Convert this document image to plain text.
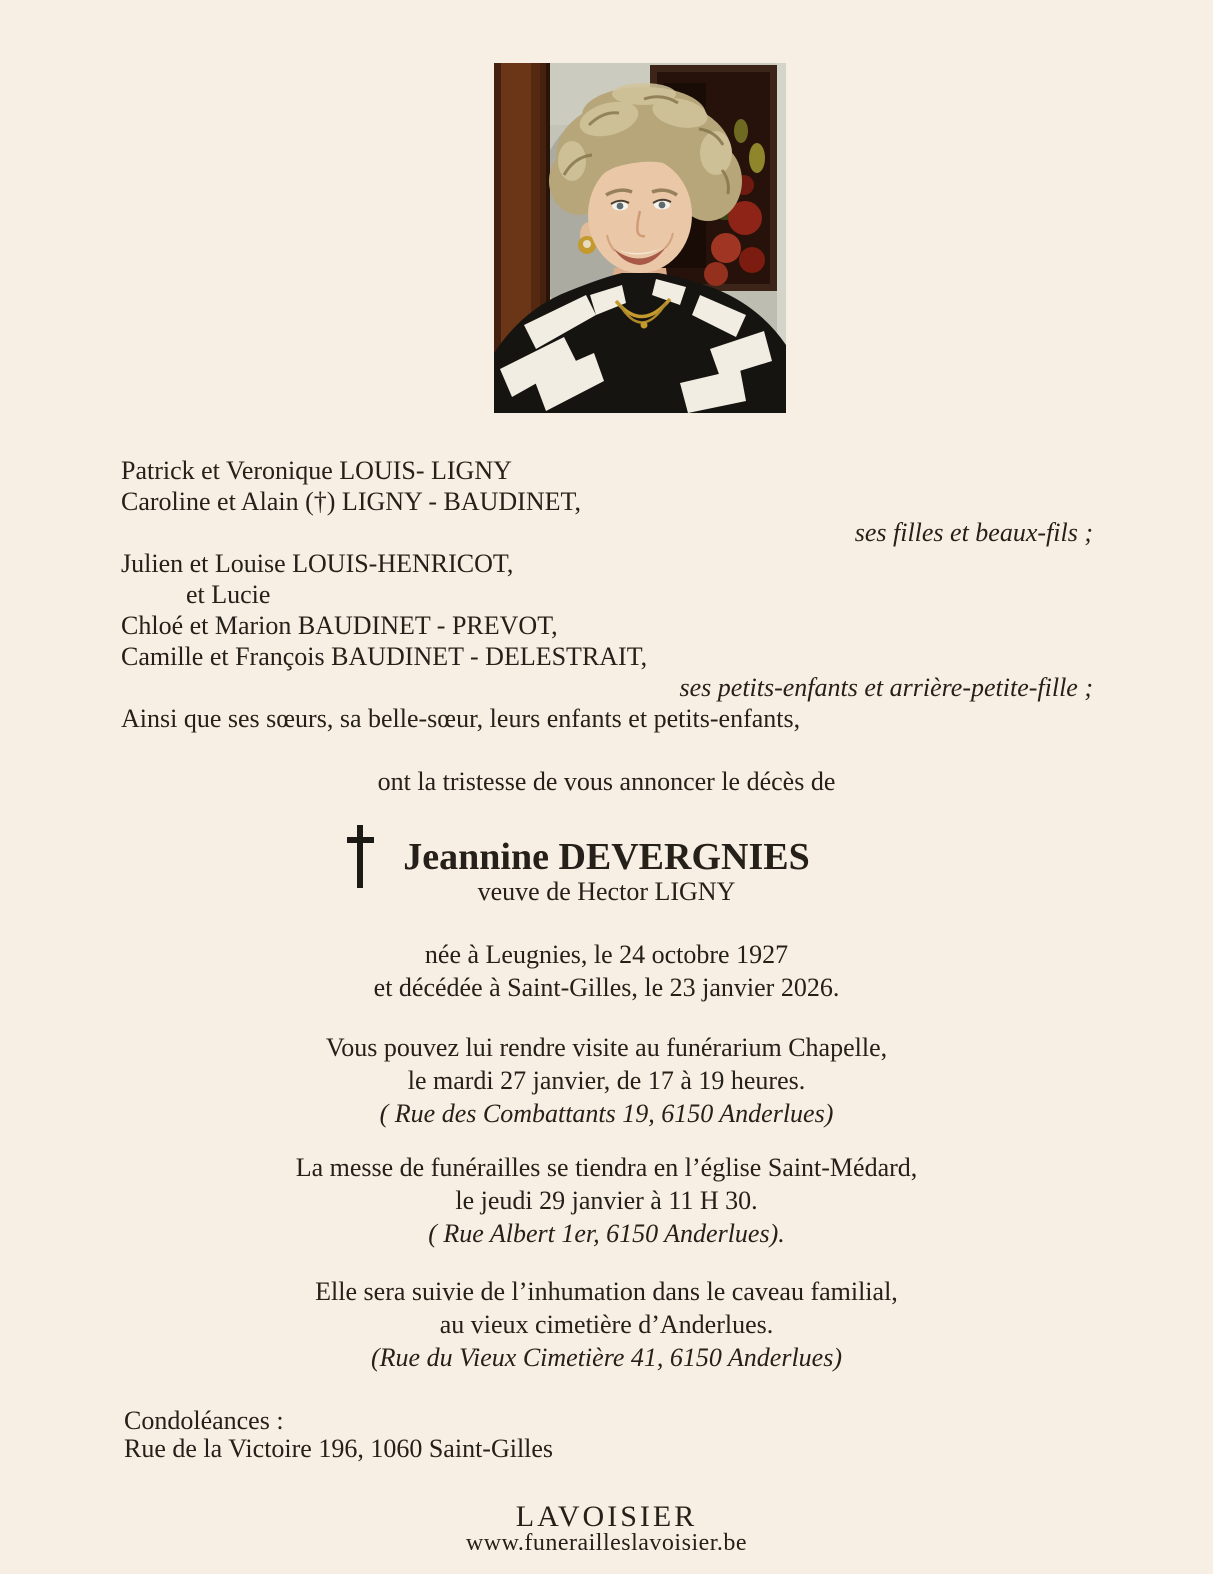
Patrick et Veronique LOUIS- LIGNY
Caroline et Alain (†) LIGNY - BAUDINET,
ses filles et beaux-fils ;
Julien et Louise LOUIS-HENRICOT,
et Lucie
Chloé et Marion BAUDINET - PREVOT,
Camille et François BAUDINET - DELESTRAIT,
ses petits-enfants et arrière-petite-fille ;
Ainsi que ses sœurs, sa belle-sœur, leurs enfants et petits-enfants,
ont la tristesse de vous annoncer le décès de
Jeannine DEVERGNIES
veuve de Hector LIGNY
née à Leugnies, le 24 octobre 1927
et décédée à Saint-Gilles, le 23 janvier 2026.
Vous pouvez lui rendre visite au funérarium Chapelle,
le mardi 27 janvier, de 17 à 19 heures.
( Rue des Combattants 19, 6150 Anderlues)
La messe de funérailles se tiendra en l’église Saint-Médard,
le jeudi 29 janvier à 11 H 30.
( Rue Albert 1er, 6150 Anderlues).
Elle sera suivie de l’inhumation dans le caveau familial,
au vieux cimetière d’Anderlues.
(Rue du Vieux Cimetière 41, 6150 Anderlues)
Condoléances :
Rue de la Victoire 196, 1060 Saint-Gilles
LAVOISIER
www.funerailleslavoisier.be
